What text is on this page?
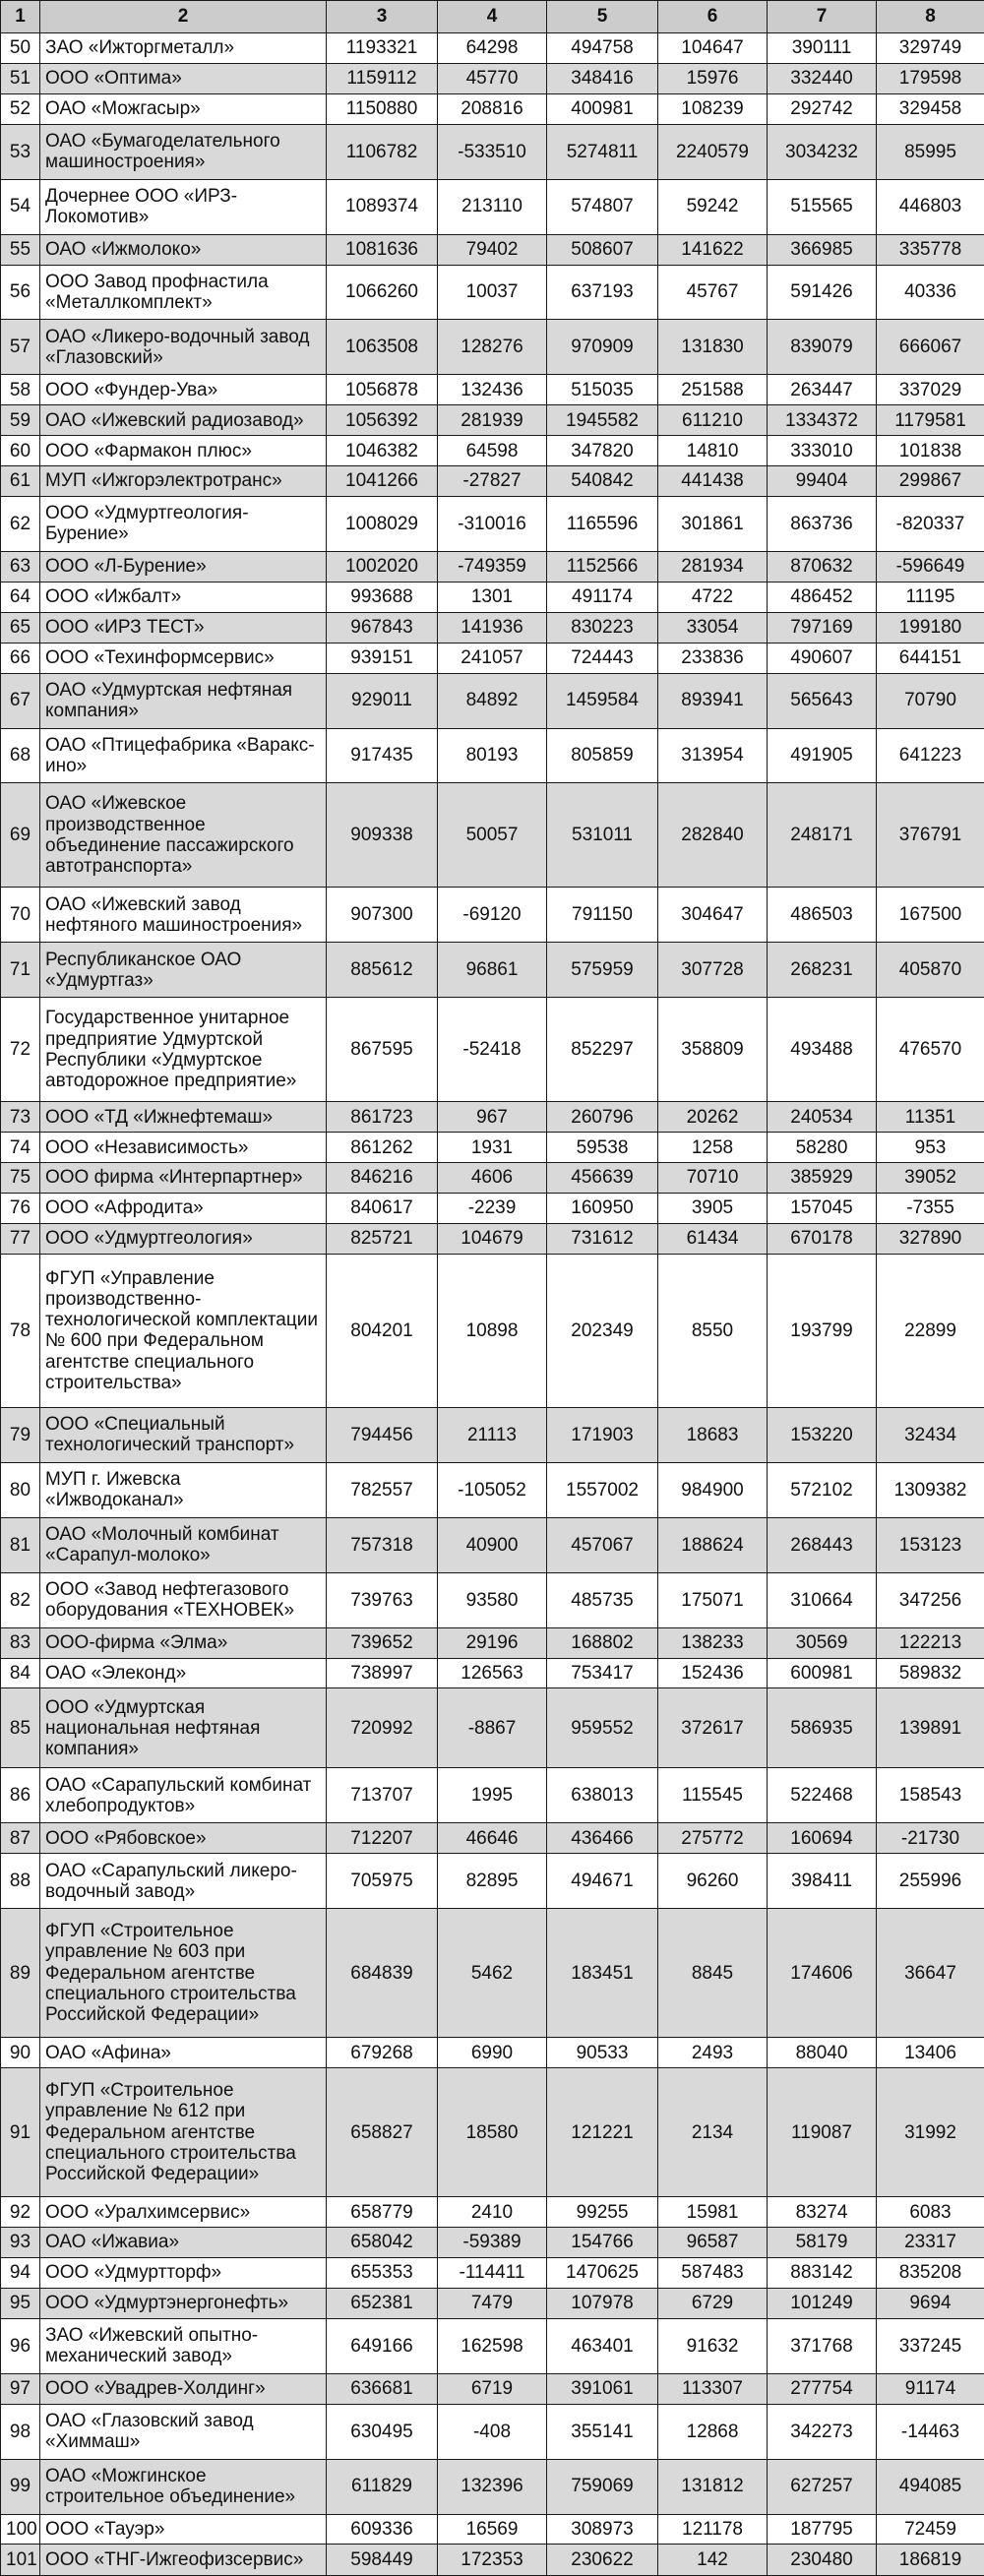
1	2	3	4	5	6	7	8
50	ЗАО «Ижторгметалл»	1193321	64298	494758	104647	390111	329749
51	ООО «Оптима»	1159112	45770	348416	15976	332440	179598
52	ОАО «Можгасыр»	1150880	208816	400981	108239	292742	329458
53	ОАО «Бумагоделательного машиностроения»	1106782	-533510	5274811	2240579	3034232	85995
54	Дочернее ООО «ИРЗ-Локомотив»	1089374	213110	574807	59242	515565	446803
55	ОАО «Ижмолоко»	1081636	79402	508607	141622	366985	335778
56	ООО Завод профнастила «Металлкомплект»	1066260	10037	637193	45767	591426	40336
57	ОАО «Ликеро-водочный завод «Глазовский»	1063508	128276	970909	131830	839079	666067
58	ООО «Фундер-Ува»	1056878	132436	515035	251588	263447	337029
59	ОАО «Ижевский радиозавод»	1056392	281939	1945582	611210	1334372	1179581
60	ООО «Фармакон плюс»	1046382	64598	347820	14810	333010	101838
61	МУП «Ижгорэлектротранс»	1041266	-27827	540842	441438	99404	299867
62	ООО «Удмуртгеология-Бурение»	1008029	-310016	1165596	301861	863736	-820337
63	ООО «Л-Бурение»	1002020	-749359	1152566	281934	870632	-596649
64	ООО «Ижбалт»	993688	1301	491174	4722	486452	11195
65	ООО «ИРЗ ТЕСТ»	967843	141936	830223	33054	797169	199180
66	ООО «Техинформсервис»	939151	241057	724443	233836	490607	644151
67	ОАО «Удмуртская нефтяная компания»	929011	84892	1459584	893941	565643	70790
68	ОАО «Птицефабрика «Вараксино»	917435	80193	805859	313954	491905	641223
69	ОАО «Ижевское производственное объединение пассажирского автотранспорта»	909338	50057	531011	282840	248171	376791
70	ОАО «Ижевский завод нефтяного машиностроения»	907300	-69120	791150	304647	486503	167500
71	Республиканское ОАО «Удмуртгаз»	885612	96861	575959	307728	268231	405870
72	Государственное унитарное предприятие Удмуртской Республики «Удмуртское автодорожное предприятие»	867595	-52418	852297	358809	493488	476570
73	ООО «ТД «Ижнефтемаш»	861723	967	260796	20262	240534	11351
74	ООО «Независимость»	861262	1931	59538	1258	58280	953
75	ООО фирма «Интерпартнер»	846216	4606	456639	70710	385929	39052
76	ООО «Афродита»	840617	-2239	160950	3905	157045	-7355
77	ООО «Удмуртгеология»	825721	104679	731612	61434	670178	327890
78	ФГУП «Управление производственно-технологической комплектации № 600 при Федеральном агентстве специального строительства»	804201	10898	202349	8550	193799	22899
79	ООО «Специальный технологический транспорт»	794456	21113	171903	18683	153220	32434
80	МУП г. Ижевска «Ижводоканал»	782557	-105052	1557002	984900	572102	1309382
81	ОАО «Молочный комбинат «Сарапул-молоко»	757318	40900	457067	188624	268443	153123
82	ООО «Завод нефтегазового оборудования «ТЕХНОВЕК»	739763	93580	485735	175071	310664	347256
83	ООО-фирма «Элма»	739652	29196	168802	138233	30569	122213
84	ОАО «Элеконд»	738997	126563	753417	152436	600981	589832
85	ООО «Удмуртская национальная нефтяная компания»	720992	-8867	959552	372617	586935	139891
86	ОАО «Сарапульский комбинат хлебопродуктов»	713707	1995	638013	115545	522468	158543
87	ООО «Рябовское»	712207	46646	436466	275772	160694	-21730
88	ОАО «Сарапульский ликеро-водочный завод»	705975	82895	494671	96260	398411	255996
89	ФГУП «Строительное управление № 603 при Федеральном агентстве специального строительства Российской Федерации»	684839	5462	183451	8845	174606	36647
90	ОАО «Афина»	679268	6990	90533	2493	88040	13406
91	ФГУП «Строительное управление № 612 при Федеральном агентстве специального строительства Российской Федерации»	658827	18580	121221	2134	119087	31992
92	ООО «Уралхимсервис»	658779	2410	99255	15981	83274	6083
93	ОАО «Ижавиа»	658042	-59389	154766	96587	58179	23317
94	ООО «Удмуртторф»	655353	-114411	1470625	587483	883142	835208
95	ООО «Удмуртэнергонефть»	652381	7479	107978	6729	101249	9694
96	ЗАО «Ижевский опытно-механический завод»	649166	162598	463401	91632	371768	337245
97	ООО «Увадрев-Холдинг»	636681	6719	391061	113307	277754	91174
98	ОАО «Глазовский завод «Химмаш»	630495	-408	355141	12868	342273	-14463
99	ОАО «Можгинское строительное объединение»	611829	132396	759069	131812	627257	494085
100	ООО «Тауэр»	609336	16569	308973	121178	187795	72459
101	ООО «ТНГ-Ижгеофизсервис»	598449	172353	230622	142	230480	186819
